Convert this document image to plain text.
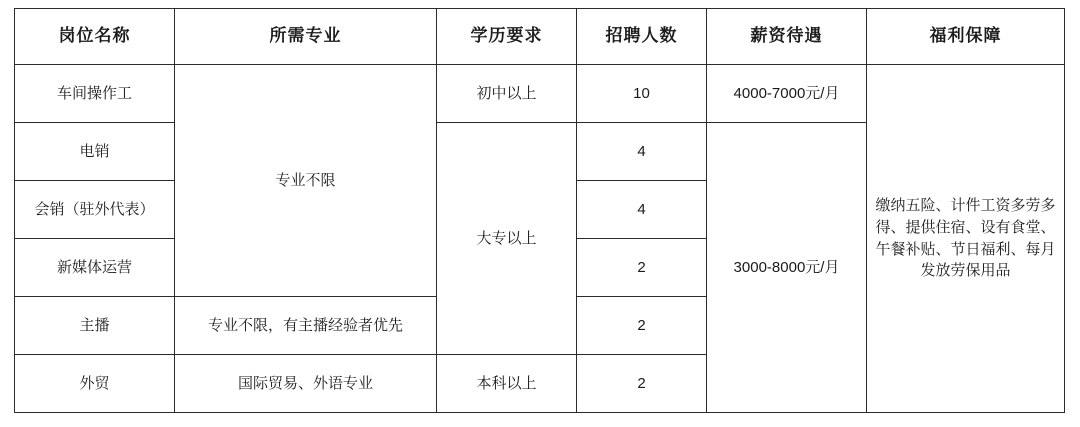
岗位名称	所需专业	学历要求	招聘人数	薪资待遇	福利保障
车间操作工	专业不限	初中以上	10	4000-7000元/月	缴纳五险、计件工资多劳多
得、提供住宿、设有食堂、
午餐补贴、节日福利、每月
发放劳保用品

电销		大专以上	4	3000-8000元/月	
会销（驻外代表）			4		
新媒体运营			2		
主播	专业不限，有主播经验者优先		2		
外贸	国际贸易、外语专业	本科以上	2		
